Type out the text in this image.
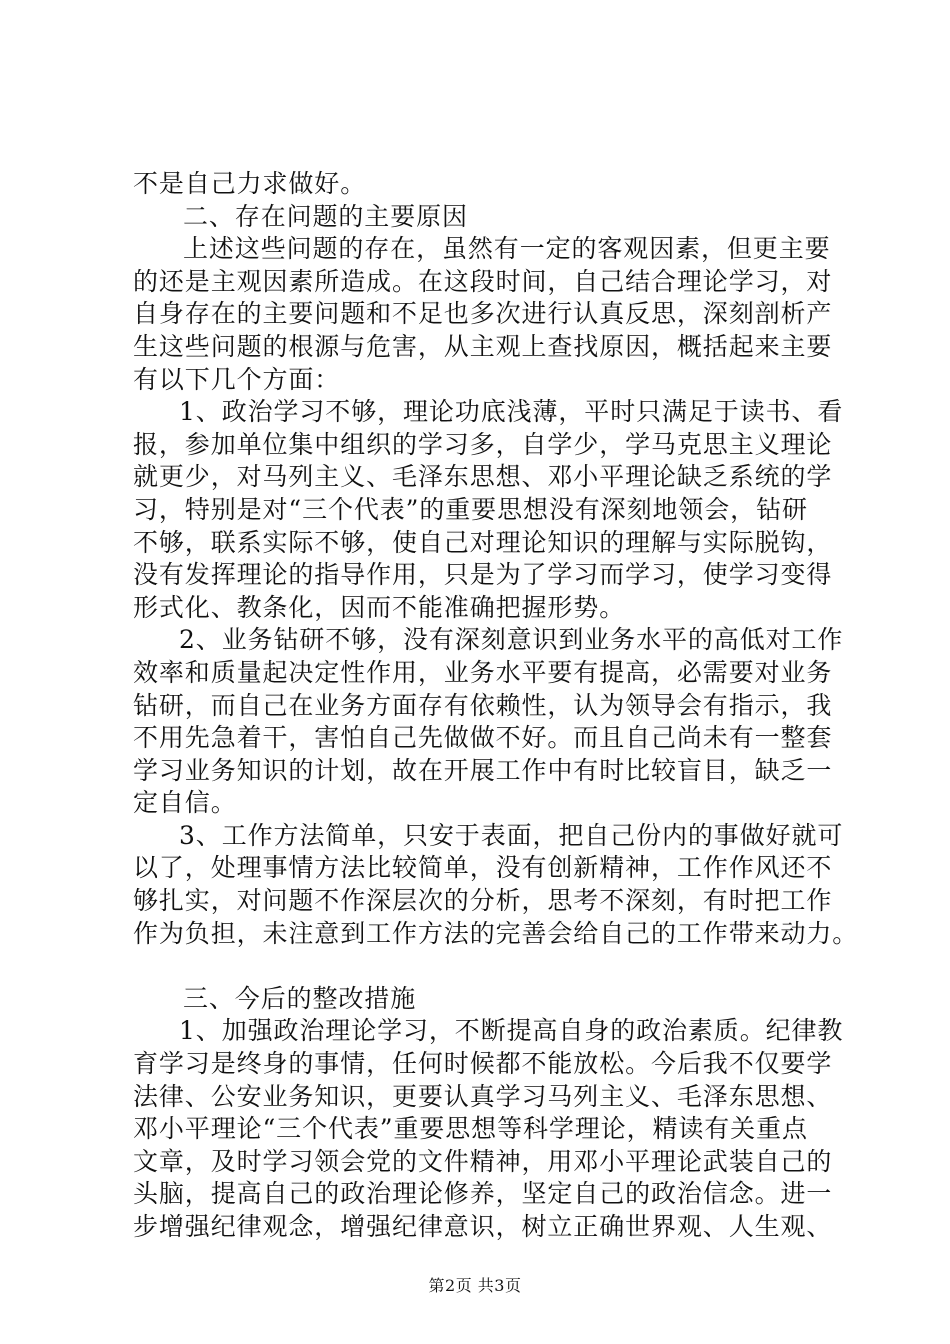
不是自己力求做好。
二、存在问题的主要原因
上述这些问题的存在，虽然有一定的客观因素，但更主要
的还是主观因素所造成。在这段时间，自己结合理论学习，对
自身存在的主要问题和不足也多次进行认真反思，深刻剖析产
生这些问题的根源与危害，从主观上查找原因，概括起来主要
有以下几个方面：
1、政治学习不够，理论功底浅薄，平时只满足于读书、看
报，参加单位集中组织的学习多，自学少，学马克思主义理论
就更少，对马列主义、毛泽东思想、邓小平理论缺乏系统的学
习，特别是对“三个代表”的重要思想没有深刻地领会，钻研
不够，联系实际不够，使自己对理论知识的理解与实际脱钩，
没有发挥理论的指导作用，只是为了学习而学习，使学习变得
形式化、教条化，因而不能准确把握形势。
2、业务钻研不够，没有深刻意识到业务水平的高低对工作
效率和质量起决定性作用，业务水平要有提高，必需要对业务
钻研，而自己在业务方面存有依赖性，认为领导会有指示，我
不用先急着干，害怕自己先做做不好。而且自己尚未有一整套
学习业务知识的计划，故在开展工作中有时比较盲目，缺乏一
定自信。
3、工作方法简单，只安于表面，把自己份内的事做好就可
以了，处理事情方法比较简单，没有创新精神，工作作风还不
够扎实，对问题不作深层次的分析，思考不深刻，有时把工作
作为负担，未注意到工作方法的完善会给自己的工作带来动力。
三、今后的整改措施
1、加强政治理论学习，不断提高自身的政治素质。纪律教
育学习是终身的事情，任何时候都不能放松。今后我不仅要学
法律、公安业务知识，更要认真学习马列主义、毛泽东思想、
邓小平理论“三个代表”重要思想等科学理论，精读有关重点
文章，及时学习领会党的文件精神，用邓小平理论武装自己的
头脑，提高自己的政治理论修养，坚定自己的政治信念。进一
步增强纪律观念，增强纪律意识，树立正确世界观、人生观、
第2页 共3页
